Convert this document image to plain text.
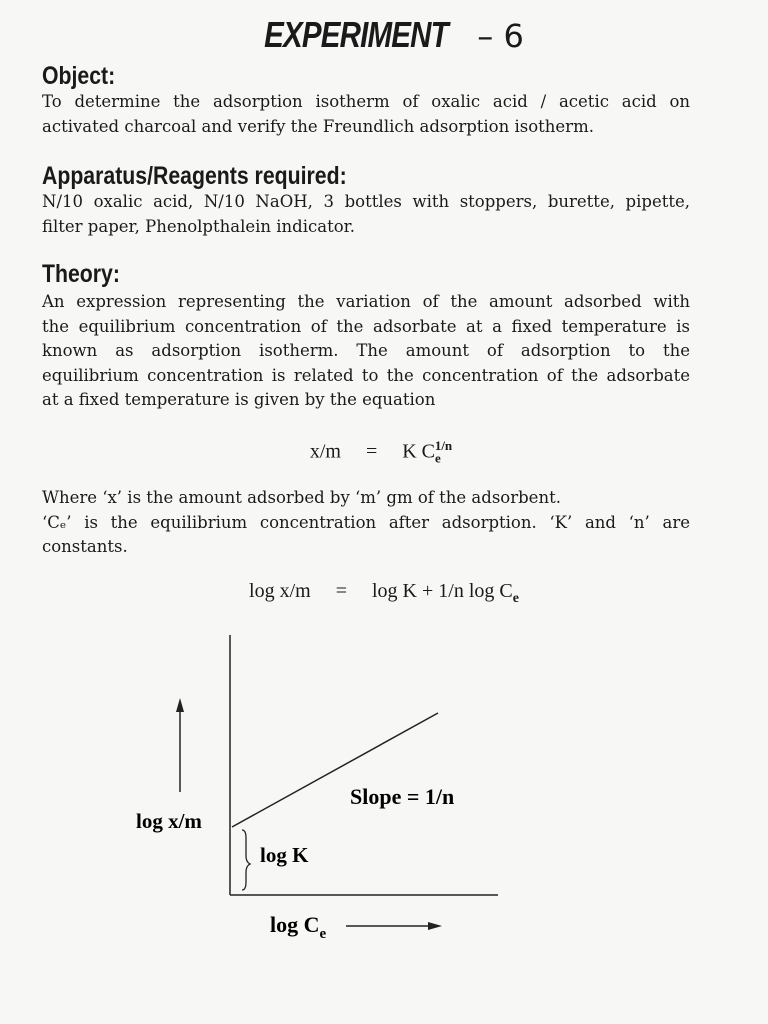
EXPERIMENT – 6
Object:
To determine the adsorption isotherm of oxalic acid / acetic acid on
activated charcoal and verify the Freundlich adsorption isotherm.
Apparatus/Reagents required:
N/10 oxalic acid, N/10 NaOH, 3 bottles with stoppers, burette, pipette,
filter paper, Phenolpthalein indicator.
Theory:
An expression representing the variation of the amount adsorbed with
the equilibrium concentration of the adsorbate at a fixed temperature is
known as adsorption isotherm. The amount of adsorption to the
equilibrium concentration is related to the concentration of the adsorbate
at a fixed temperature is given by the equation
x/m = K $C_e^{1/n}$
Where ‘x’ is the amount adsorbed by ‘m’ gm of the adsorbent.
‘Cₑ’ is the equilibrium concentration after adsorption. ‘K’ and ‘n’ are
constants.
log x/m = log K + 1/n $\log C_e$
Slope = 1/n
log K
log x/m
$\log C_e$
